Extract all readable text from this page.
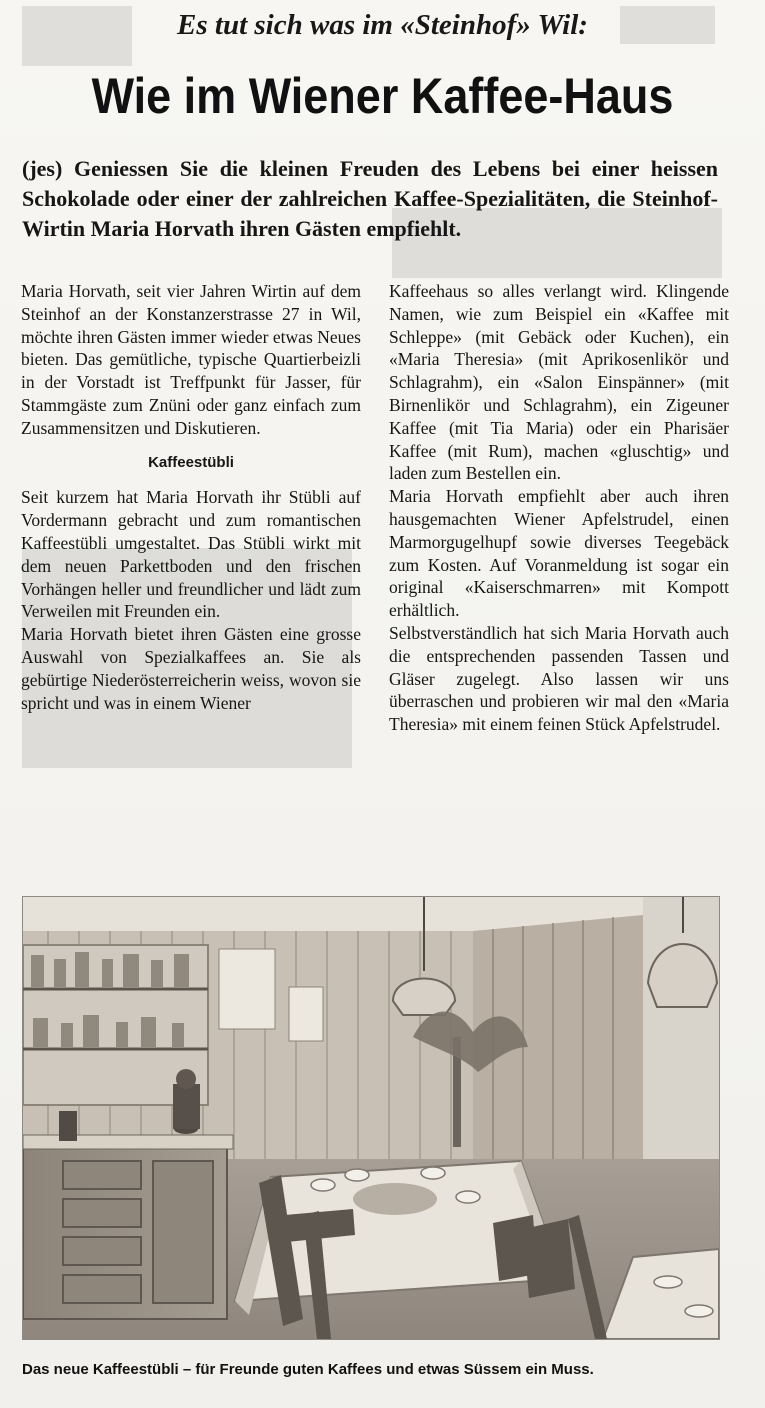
Es tut sich was im «Steinhof» Wil:
Wie im Wiener Kaffee-Haus
(jes) Geniessen Sie die kleinen Freuden des Lebens bei einer heissen Schokolade oder einer der zahlreichen Kaffee-Spezialitäten, die Steinhof-Wirtin Maria Horvath ihren Gästen empfiehlt.

Maria Horvath, seit vier Jahren Wirtin auf dem Steinhof an der Konstanzerstrasse 27 in Wil, möchte ihren Gästen immer wieder etwas Neues bieten. Das gemütliche, typische Quartierbeizli in der Vorstadt ist Treffpunkt für Jasser, für Stammgäste zum Znüni oder ganz einfach zum Zusammensitzen und Diskutieren.

Kaffeestübli

Seit kurzem hat Maria Horvath ihr Stübli auf Vordermann gebracht und zum romantischen Kaffeestübli umgestaltet. Das Stübli wirkt mit dem neuen Parkettboden und den frischen Vorhängen heller und freundlicher und lädt zum Verweilen mit Freunden ein.

Maria Horvath bietet ihren Gästen eine grosse Auswahl von Spezialkaffees an. Sie als gebürtige Niederösterreicherin weiss, wovon sie spricht und was in einem Wiener

Kaffeehaus so alles verlangt wird. Klingende Namen, wie zum Beispiel ein «Kaffee mit Schleppe» (mit Gebäck oder Kuchen), ein «Maria Theresia» (mit Aprikosenlikör und Schlagrahm), ein «Salon Einspänner» (mit Birnenlikör und Schlagrahm), ein Zigeuner Kaffee (mit Tia Maria) oder ein Pharisäer Kaffee (mit Rum), machen «gluschtig» und laden zum Bestellen ein.

Maria Horvath empfiehlt aber auch ihren hausgemachten Wiener Apfelstrudel, einen Marmorgugelhupf sowie diverses Teegebäck zum Kosten. Auf Voranmeldung ist sogar ein original «Kaiserschmarren» mit Kompott erhältlich.

Selbstverständlich hat sich Maria Horvath auch die entsprechenden passenden Tassen und Gläser zugelegt. Also lassen wir uns überraschen und probieren wir mal den «Maria Theresia» mit einem feinen Stück Apfelstrudel.

Das neue Kaffeestübli – für Freunde guten Kaffees und etwas Süssem ein Muss.
